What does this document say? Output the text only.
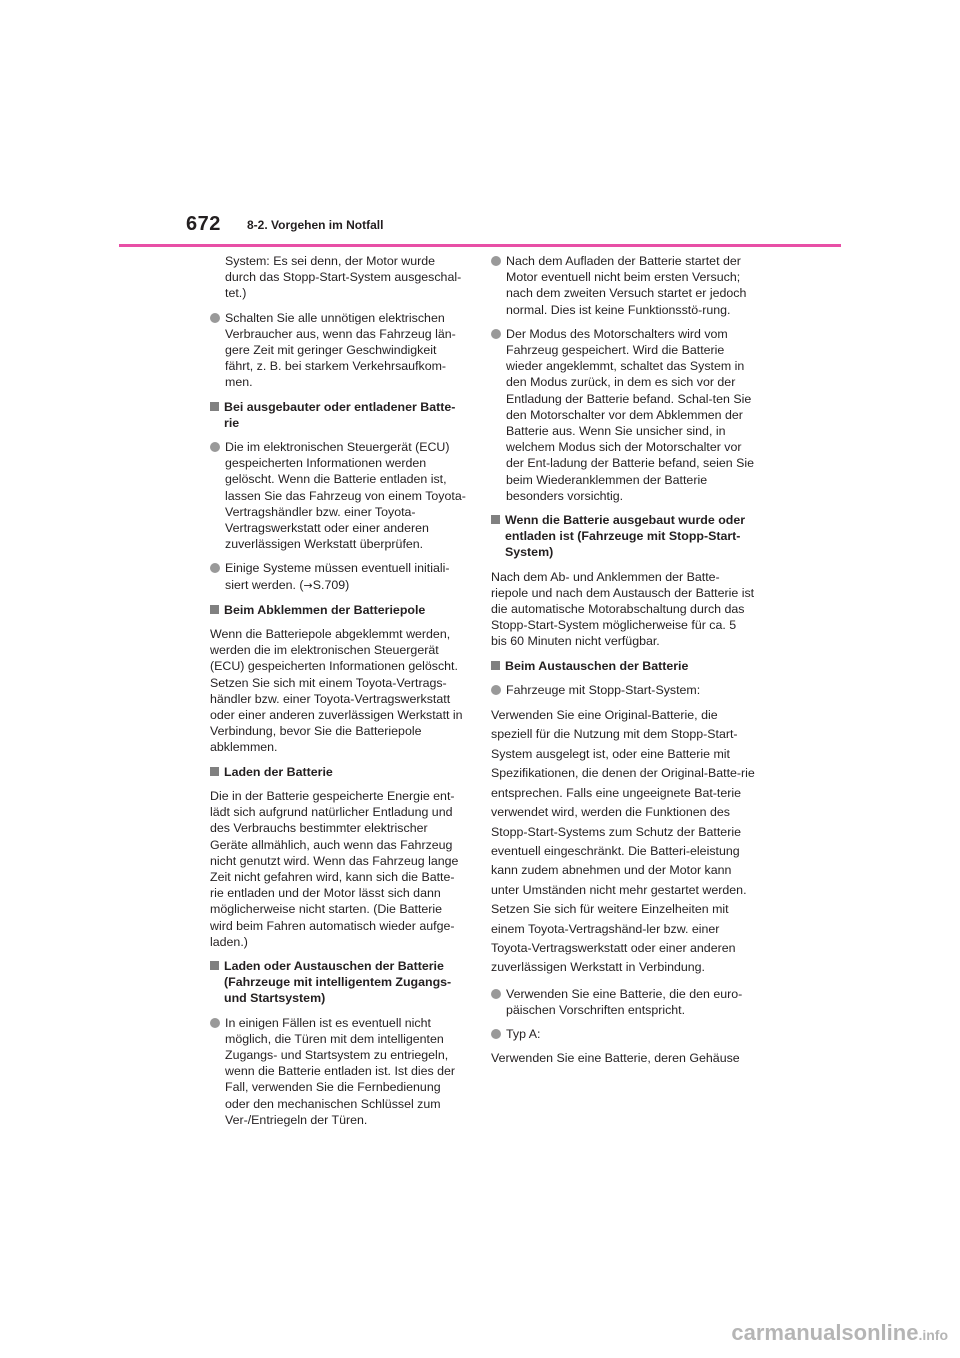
672 8-2. Vorgehen im Notfall
System: Es sei denn, der Motor wurde durch das Stopp-Start-System ausgeschal-tet.)
Schalten Sie alle unnötigen elektrischen Verbraucher aus, wenn das Fahrzeug län-gere Zeit mit geringer Geschwindigkeit fährt, z. B. bei starkem Verkehrsaufkom-men.
Bei ausgebauter oder entladener Batte-rie
Die im elektronischen Steuergerät (ECU) gespeicherten Informationen werden gelöscht. Wenn die Batterie entladen ist, lassen Sie das Fahrzeug von einem Toyota-Vertragshändler bzw. einer Toyota-Vertragswerkstatt oder einer anderen zuverlässigen Werkstatt überprüfen.
Einige Systeme müssen eventuell initiali-siert werden. (→S.709)
Beim Abklemmen der Batteriepole
Wenn die Batteriepole abgeklemmt werden, werden die im elektronischen Steuergerät (ECU) gespeicherten Informationen gelöscht. Setzen Sie sich mit einem Toyota-Vertrags-händler bzw. einer Toyota-Vertragswerkstatt oder einer anderen zuverlässigen Werkstatt in Verbindung, bevor Sie die Batteriepole abklemmen.
Laden der Batterie
Die in der Batterie gespeicherte Energie ent-lädt sich aufgrund natürlicher Entladung und des Verbrauchs bestimmter elektrischer Geräte allmählich, auch wenn das Fahrzeug nicht genutzt wird. Wenn das Fahrzeug lange Zeit nicht gefahren wird, kann sich die Batte-rie entladen und der Motor lässt sich dann möglicherweise nicht starten. (Die Batterie wird beim Fahren automatisch wieder aufge-laden.)
Laden oder Austauschen der Batterie (Fahrzeuge mit intelligentem Zugangs- und Startsystem)
In einigen Fällen ist es eventuell nicht möglich, die Türen mit dem intelligenten Zugangs- und Startsystem zu entriegeln, wenn die Batterie entladen ist. Ist dies der Fall, verwenden Sie die Fernbedienung oder den mechanischen Schlüssel zum Ver-/Entriegeln der Türen.
Nach dem Aufladen der Batterie startet der Motor eventuell nicht beim ersten Versuch; nach dem zweiten Versuch startet er jedoch normal. Dies ist keine Funktionsstö-rung.
Der Modus des Motorschalters wird vom Fahrzeug gespeichert. Wird die Batterie wieder angeklemmt, schaltet das System in den Modus zurück, in dem es sich vor der Entladung der Batterie befand. Schal-ten Sie den Motorschalter vor dem Abklemmen der Batterie aus. Wenn Sie unsicher sind, in welchem Modus sich der Motorschalter vor der Ent-ladung der Batterie befand, seien Sie beim Wiederanklemmen der Batterie besonders vorsichtig.
Wenn die Batterie ausgebaut wurde oder entladen ist (Fahrzeuge mit Stopp-Start-System)
Nach dem Ab- und Anklemmen der Batte-riepole und nach dem Austausch der Batterie ist die automatische Motorabschaltung durch das Stopp-Start-System möglicherweise für ca. 5 bis 60 Minuten nicht verfügbar.
Beim Austauschen der Batterie
Fahrzeuge mit Stopp-Start-System:
Verwenden Sie eine Original-Batterie, die speziell für die Nutzung mit dem Stopp-Start-System ausgelegt ist, oder eine Batterie mit Spezifikationen, die denen der Original-Batte-rie entsprechen. Falls eine ungeeignete Bat-terie verwendet wird, werden die Funktionen des Stopp-Start-Systems zum Schutz der Batterie eventuell eingeschränkt. Die Batteri-eleistung kann zudem abnehmen und der Motor kann unter Umständen nicht mehr gestartet werden. Setzen Sie sich für weitere Einzelheiten mit einem Toyota-Vertragshänd-ler bzw. einer Toyota-Vertragswerkstatt oder einer anderen zuverlässigen Werkstatt in Verbindung.
Verwenden Sie eine Batterie, die den euro-päischen Vorschriften entspricht.
Typ A:
Verwenden Sie eine Batterie, deren Gehäuse
carmanualsonline.info
